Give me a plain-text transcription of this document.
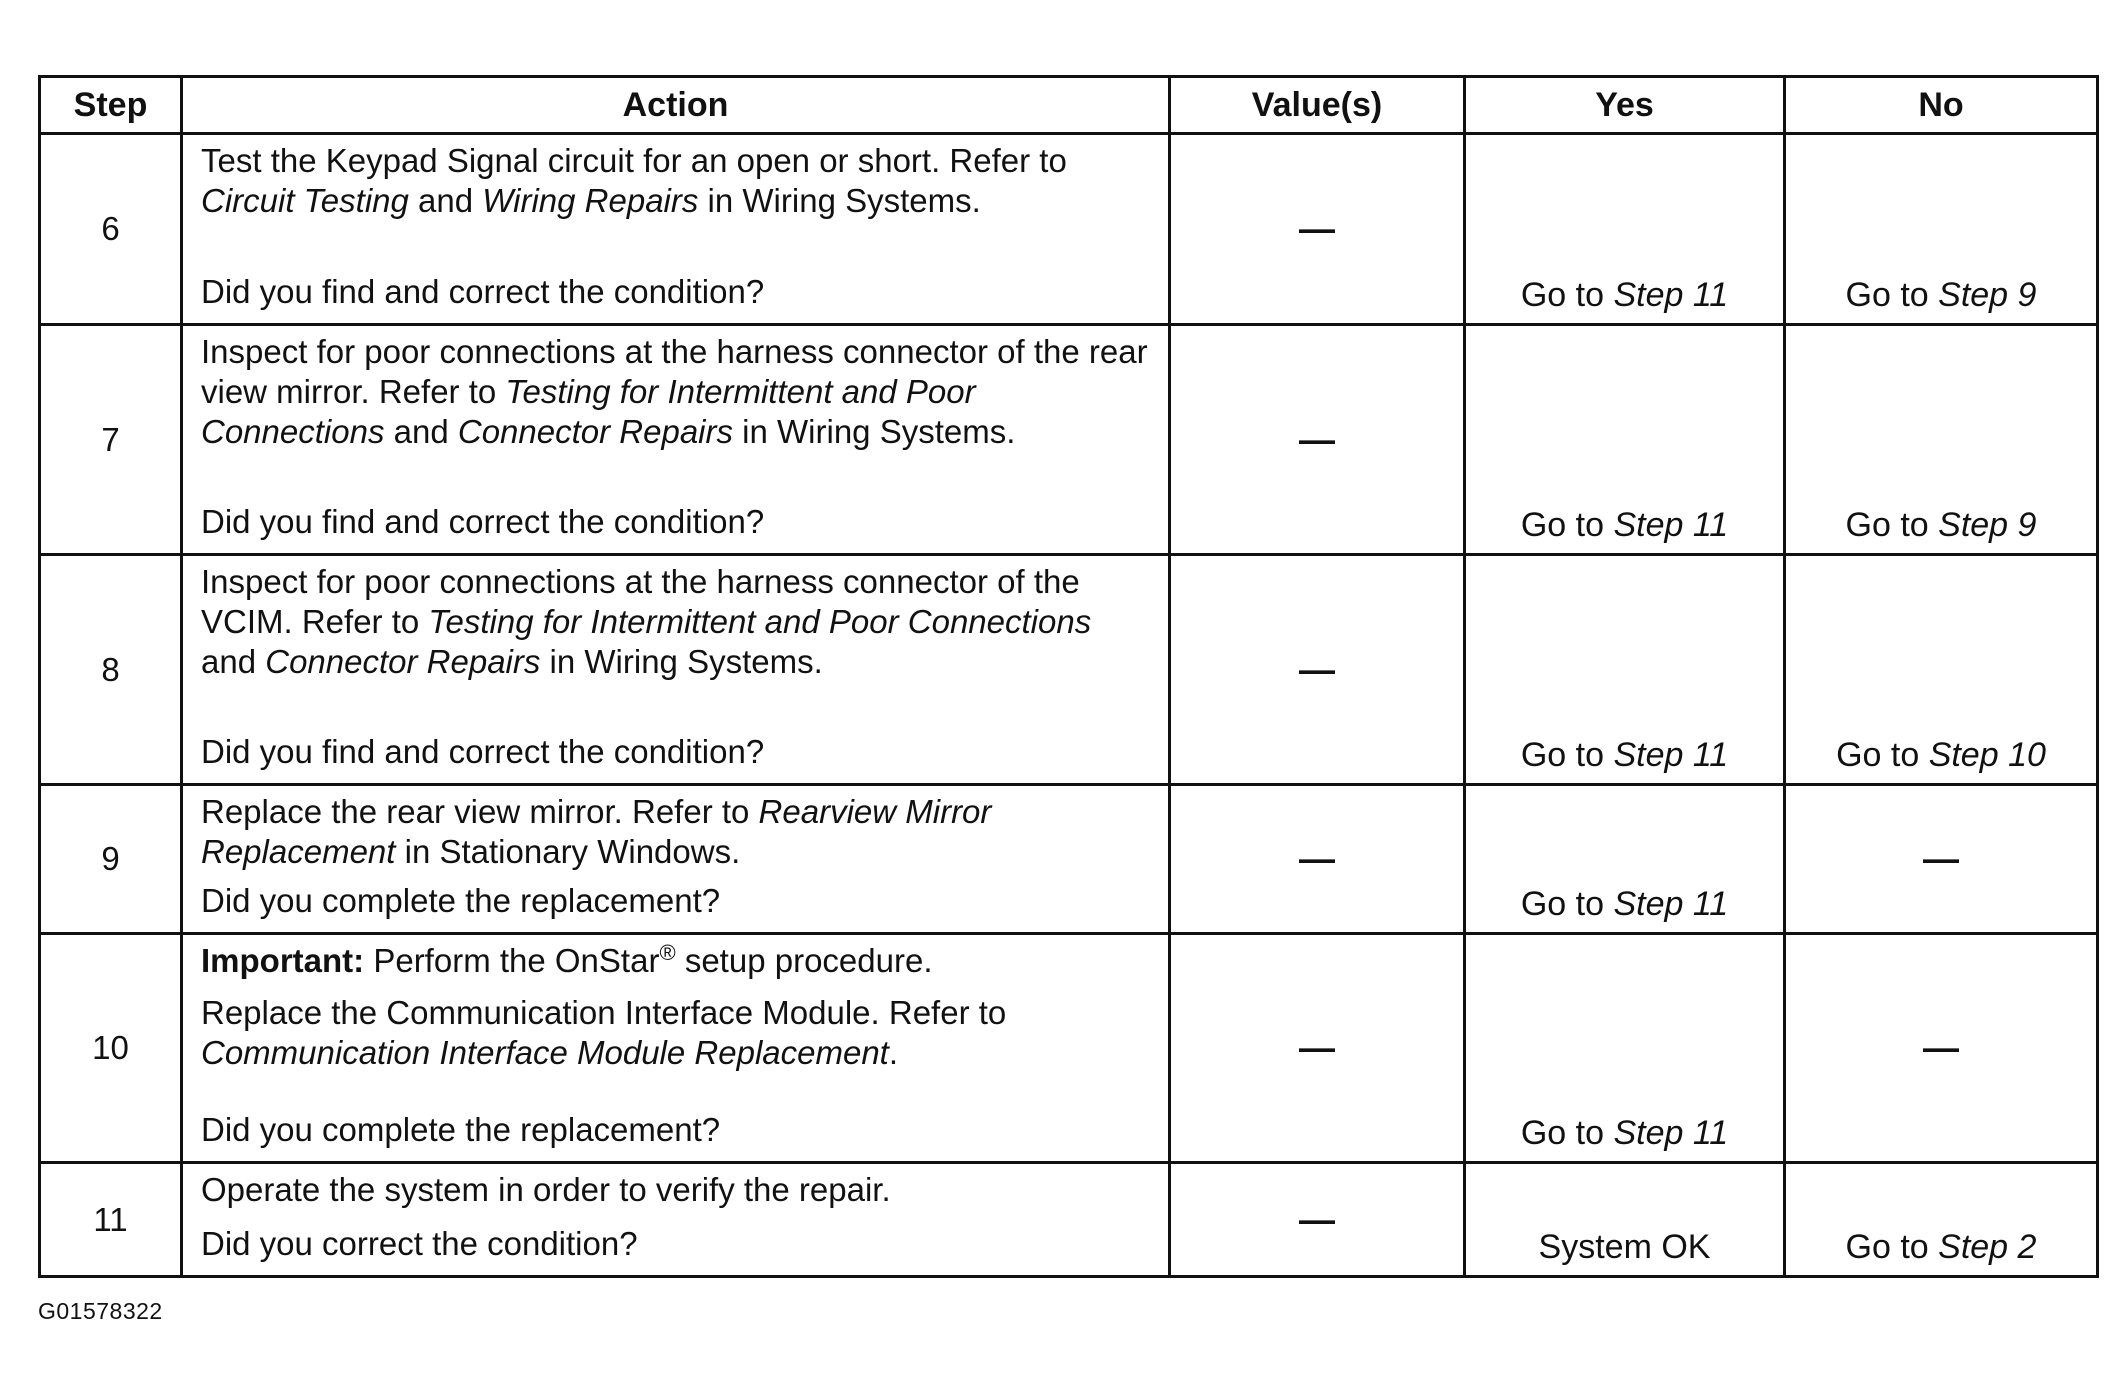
Step	Action	Value(s)	Yes	No
6	Test the Keypad Signal circuit for an open or short. Refer to Circuit Testing and Wiring Repairs in Wiring Systems.
Did you find and correct the condition?	—	Go to Step 11	Go to Step 9

7	Inspect for poor connections at the harness connector of the rear view mirror. Refer to Testing for Intermittent and Poor Connections and Connector Repairs in Wiring Systems.
Did you find and correct the condition?	—	Go to Step 11	Go to Step 9

8	Inspect for poor connections at the harness connector of the VCIM. Refer to Testing for Intermittent and Poor Connections and Connector Repairs in Wiring Systems.
Did you find and correct the condition?	—	Go to Step 11	Go to Step 10

9	Replace the rear view mirror. Refer to Rearview Mirror Replacement in Stationary Windows.
Did you complete the replacement?	—	Go to Step 11	—
10	Important: Perform the OnStar® setup procedure.
Replace the Communication Interface Module. Refer to Communication Interface Module Replacement.
Did you complete the replacement?	—	Go to Step 11	—
11	Operate the system in order to verify the repair.
Did you correct the condition?	—	System OK	Go to Step 2
G01578322
